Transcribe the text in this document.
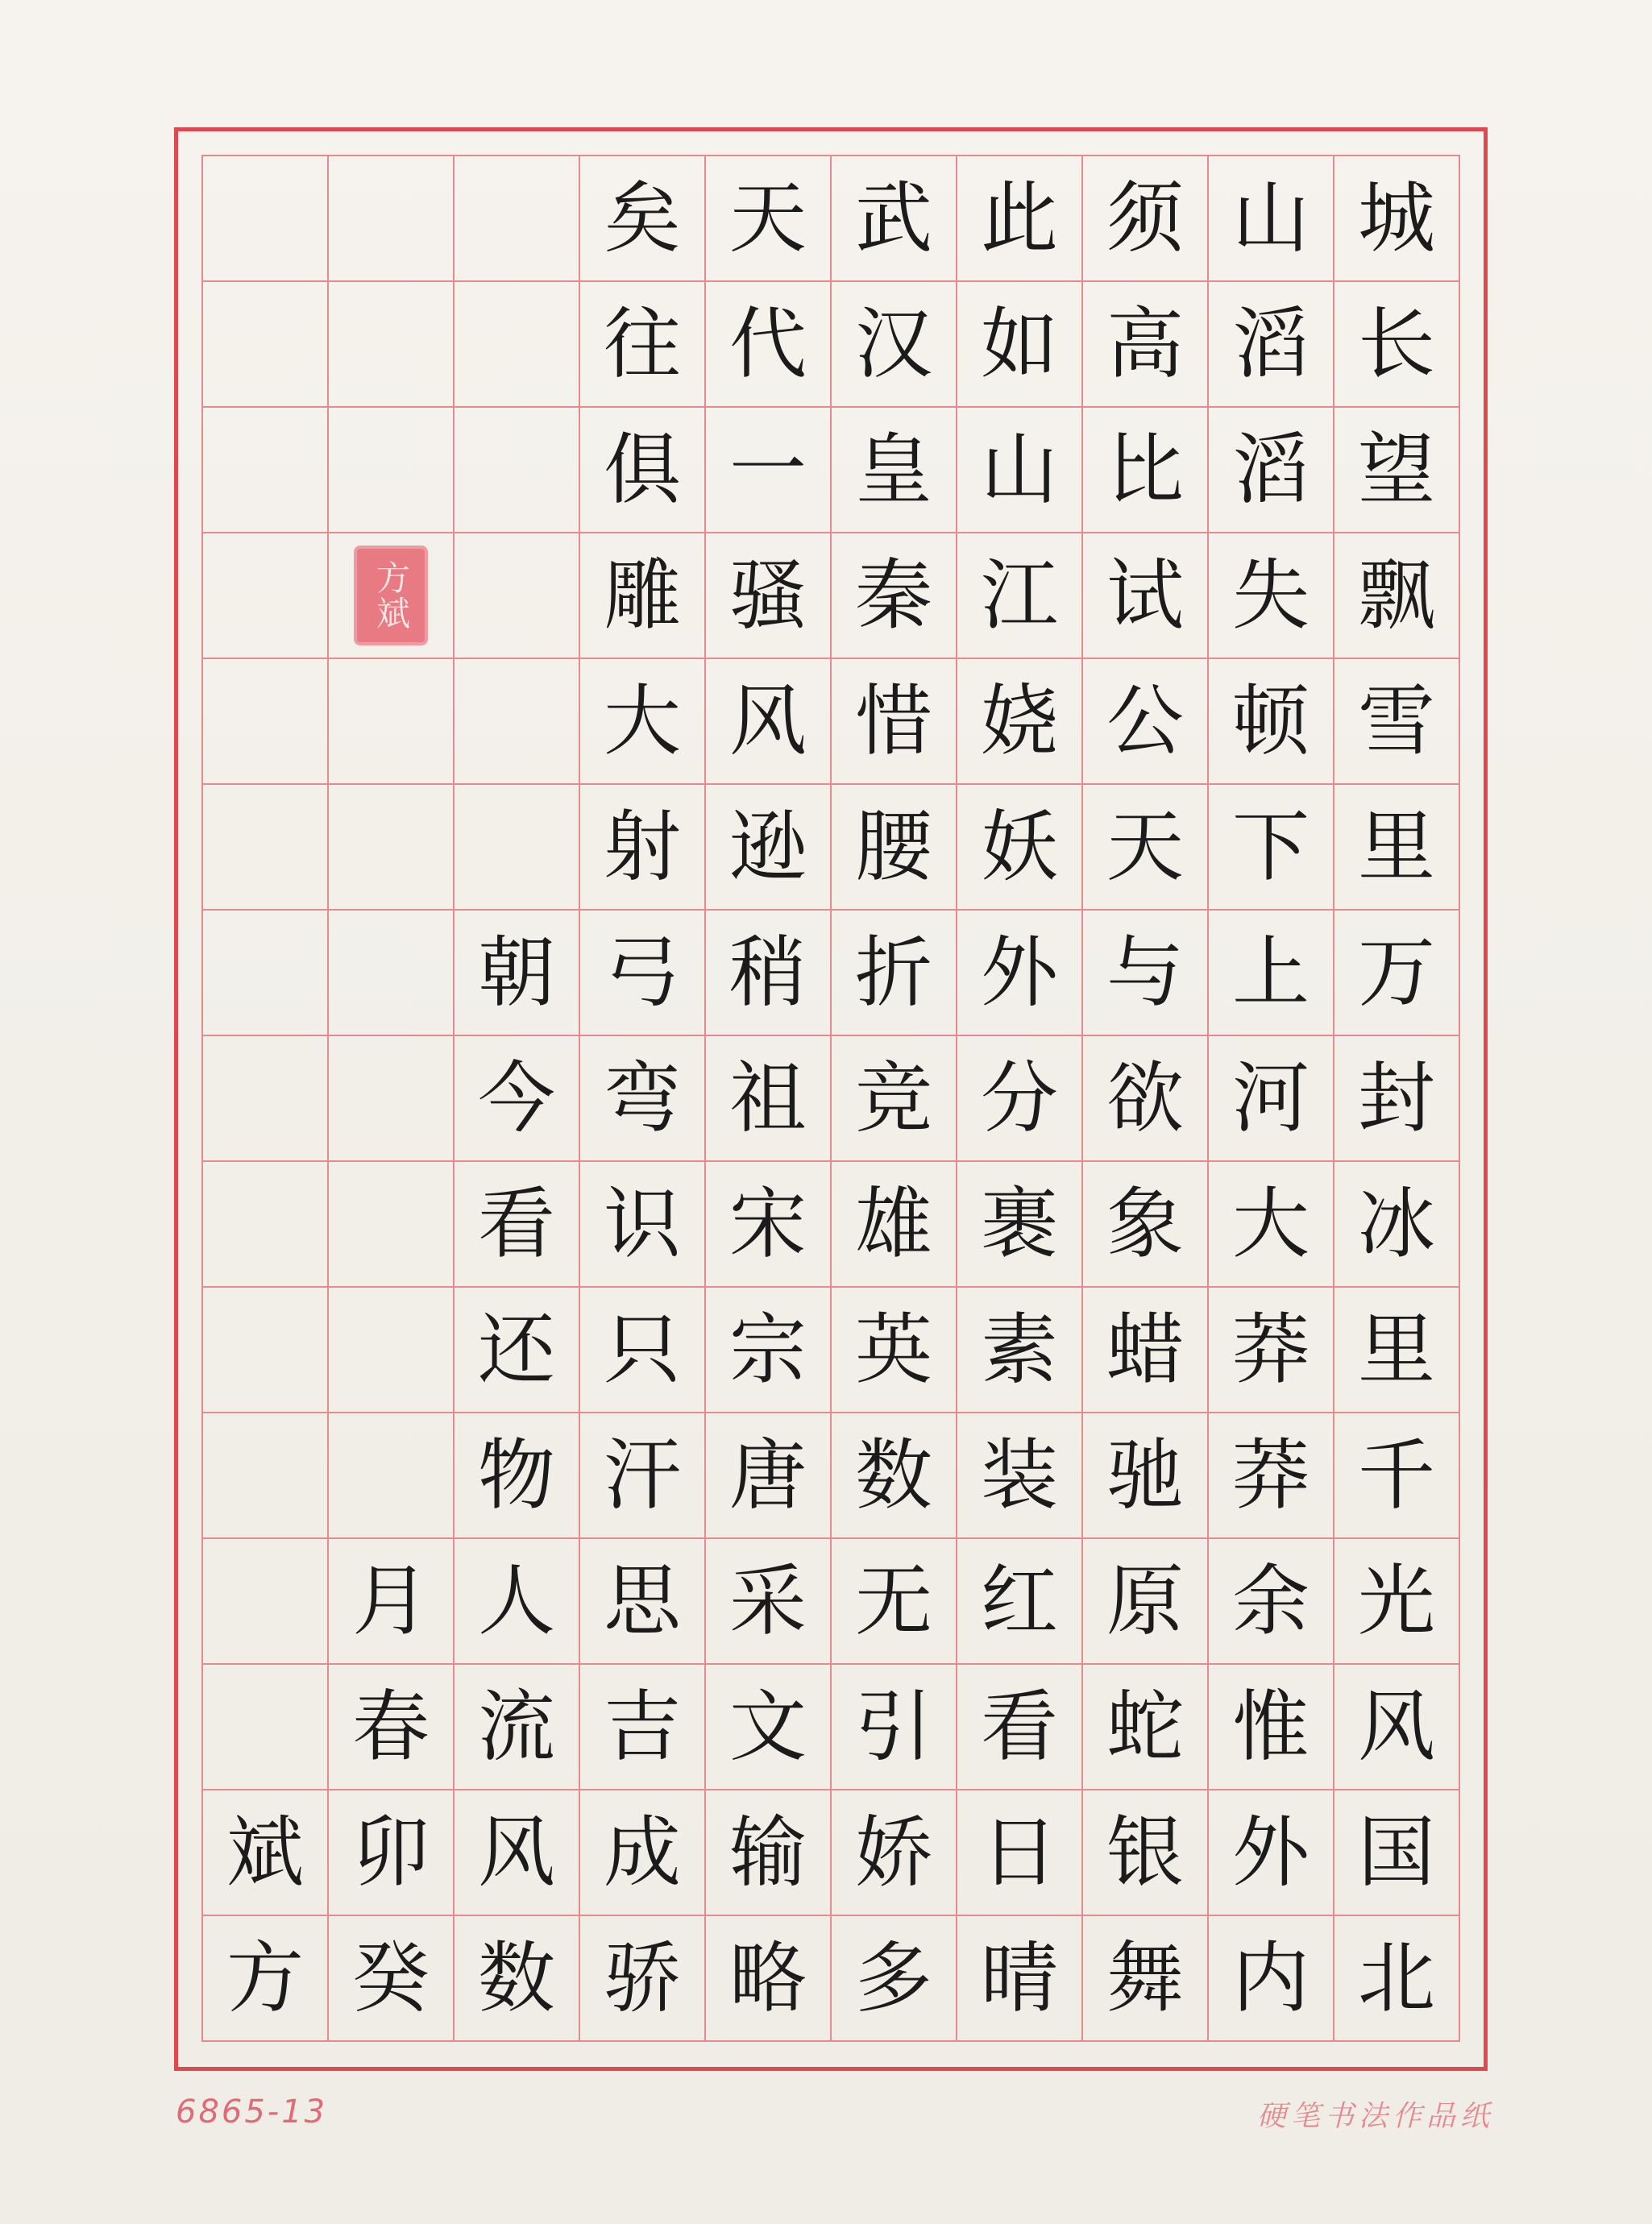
矣 天 武 此 须 山 城
往 代 汉 如 高 滔 长
俱 一 皇 山 比 滔 望
方斌 雕 骚 秦 江 试 失 飘
大 风 惜 娆 公 顿 雪
射 逊 腰 妖 天 下 里
朝 弓 稍 折 外 与 上 万
今 弯 祖 竞 分 欲 河 封
看 识 宋 雄 裹 象 大 冰
还 只 宗 英 素 蜡 莽 里
物 汗 唐 数 装 驰 莽 千
月 人 思 采 无 红 原 余 光
春 流 吉 文 引 看 蛇 惟 风
斌 卯 风 成 输 娇 日 银 外 国
方 癸 数 骄 略 多 晴 舞 内 北
6865-13	硬笔书法作品纸
